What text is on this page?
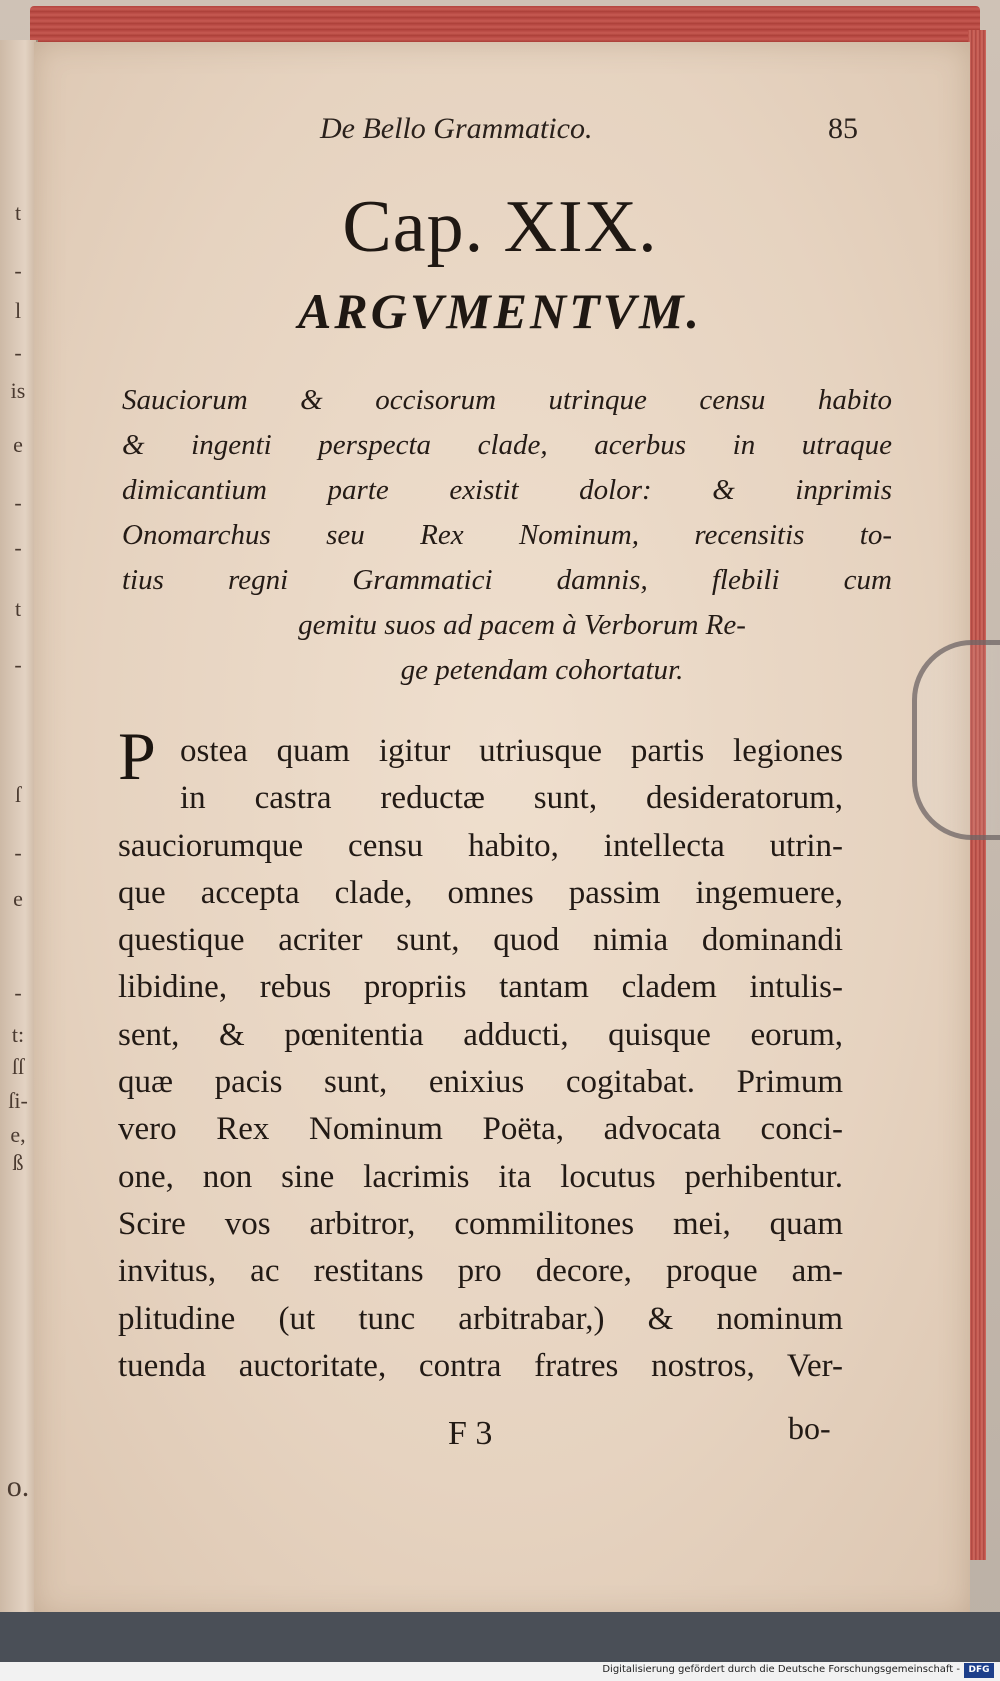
t
-
l
-
is
e
-
-
t
-
ſ
-
e
-
t:
ſſ
ſi-
e,
ß
o.
De Bello Grammatico.	85
Cap. XIX.
ARGVMENTVM.
Sauciorum & occisorum utrinque censu habito
& ingenti perspecta clade, acerbus in utraque
dimicantium parte existit dolor: & inprimis
Onomarchus seu Rex Nominum, recensitis to-
tius regni Grammatici damnis, flebili cum
gemitu suos ad pacem à Verborum Re-
ge petendam cohortatur.
P ostea quam igitur utriusque partis legiones
in castra reductæ sunt, desideratorum,
sauciorumque censu habito, intellecta utrin-
que accepta clade, omnes passim ingemuere,
questique acriter sunt, quod nimia dominandi
libidine, rebus propriis tantam cladem intulis-
sent, & pœnitentia adducti, quisque eorum,
quæ pacis sunt, enixius cogitabat. Primum
vero Rex Nominum Poëta, advocata conci-
one, non sine lacrimis ita locutus perhibentur.
Scire vos arbitror, commilitones mei, quam
invitus, ac restitans pro decore, proque am-
plitudine (ut tunc arbitrabar,) & nominum
tuenda auctoritate, contra fratres nostros, Ver-
F 3	bo-
Digitalisierung gefördert durch die Deutsche Forschungsgemeinschaft - DFG
